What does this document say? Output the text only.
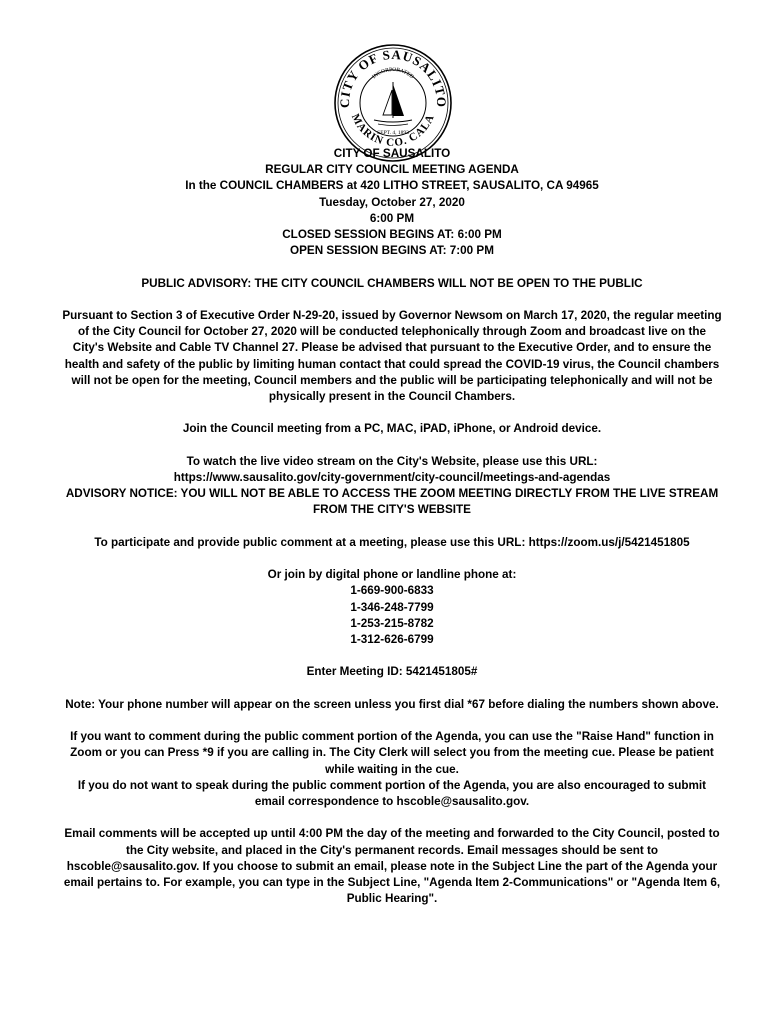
CITY OF SAUSALITO
MARIN CO. CALA
INCORPORATED
SEPT. 4, 1893

CITY OF SAUSALITO

REGULAR CITY COUNCIL MEETING AGENDA

In the COUNCIL CHAMBERS at 420 LITHO STREET, SAUSALITO, CA 94965

Tuesday, October 27, 2020

6:00 PM

CLOSED SESSION BEGINS AT: 6:00 PM

OPEN SESSION BEGINS AT: 7:00 PM

PUBLIC ADVISORY: THE CITY COUNCIL CHAMBERS WILL NOT BE OPEN TO THE PUBLIC

Pursuant to Section 3 of Executive Order N-29-20, issued by Governor Newsom on March 17, 2020, the regular meeting of the City Council for October 27, 2020 will be conducted telephonically through Zoom and broadcast live on the City's Website and Cable TV Channel 27. Please be advised that pursuant to the Executive Order, and to ensure the health and safety of the public by limiting human contact that could spread the COVID-19 virus, the Council chambers will not be open for the meeting, Council members and the public will be participating telephonically and will not be physically present in the Council Chambers.

Join the Council meeting from a PC, MAC, iPAD, iPhone, or Android device.

To watch the live video stream on the City's Website, please use this URL:

https://www.sausalito.gov/city-government/city-council/meetings-and-agendas

ADVISORY NOTICE: YOU WILL NOT BE ABLE TO ACCESS THE ZOOM MEETING DIRECTLY FROM THE LIVE STREAM FROM THE CITY'S WEBSITE

To participate and provide public comment at a meeting, please use this URL: https://zoom.us/j/5421451805

Or join by digital phone or landline phone at:

1-669-900-6833

1-346-248-7799

1-253-215-8782

1-312-626-6799

Enter Meeting ID: 5421451805#

Note: Your phone number will appear on the screen unless you first dial *67 before dialing the numbers shown above.

If you want to comment during the public comment portion of the Agenda, you can use the "Raise Hand" function in Zoom or you can Press *9 if you are calling in. The City Clerk will select you from the meeting cue. Please be patient while waiting in the cue.

If you do not want to speak during the public comment portion of the Agenda, you are also encouraged to submit email correspondence to hscoble@sausalito.gov.

Email comments will be accepted up until 4:00 PM the day of the meeting and forwarded to the City Council, posted to the City website, and placed in the City's permanent records. Email messages should be sent to hscoble@sausalito.gov. If you choose to submit an email, please note in the Subject Line the part of the Agenda your email pertains to. For example, you can type in the Subject Line, "Agenda Item 2-Communications" or "Agenda Item 6, Public Hearing".
